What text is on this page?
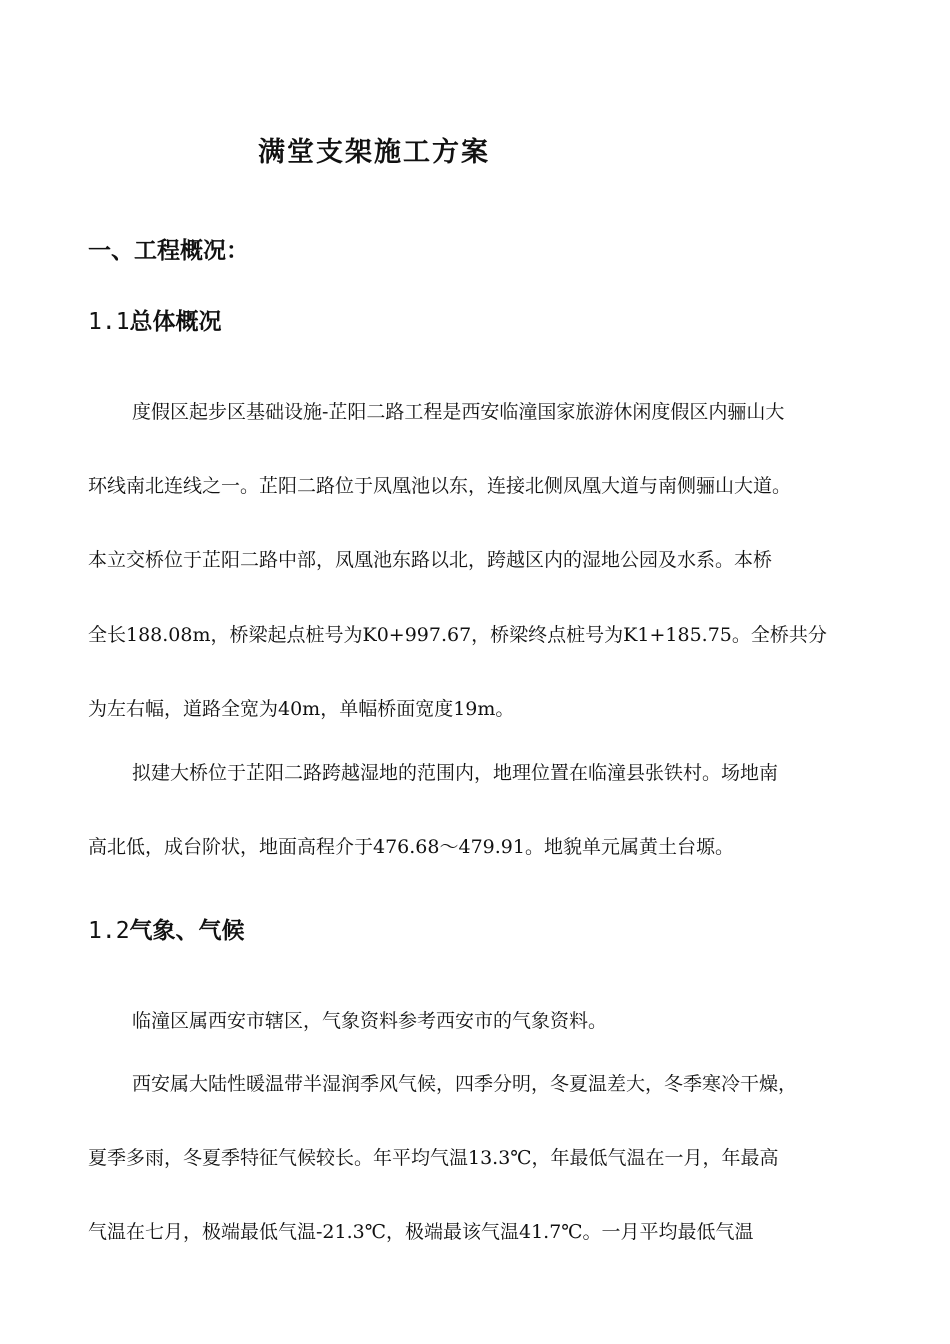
满堂支架施工方案
一、工程概况：
1.1总体概况

度假区起步区基础设施-芷阳二路工程是西安临潼国家旅游休闲度假区内骊山大

环线南北连线之一。芷阳二路位于凤凰池以东，连接北侧凤凰大道与南侧骊山大道。

本立交桥位于芷阳二路中部，凤凰池东路以北，跨越区内的湿地公园及水系。本桥

全长188.08m，桥梁起点桩号为K0+997.67，桥梁终点桩号为K1+185.75。全桥共分

为左右幅，道路全宽为40m，单幅桥面宽度19m。

拟建大桥位于芷阳二路跨越湿地的范围内，地理位置在临潼县张铁村。场地南

高北低，成台阶状，地面高程介于476.68～479.91。地貌单元属黄土台塬。

1.2气象、气候

临潼区属西安市辖区，气象资料参考西安市的气象资料。

西安属大陆性暖温带半湿润季风气候，四季分明，冬夏温差大，冬季寒冷干燥，

夏季多雨，冬夏季特征气候较长。年平均气温13.3℃，年最低气温在一月，年最高

气温在七月，极端最低气温-21.3℃，极端最该气温41.7℃。一月平均最低气温
